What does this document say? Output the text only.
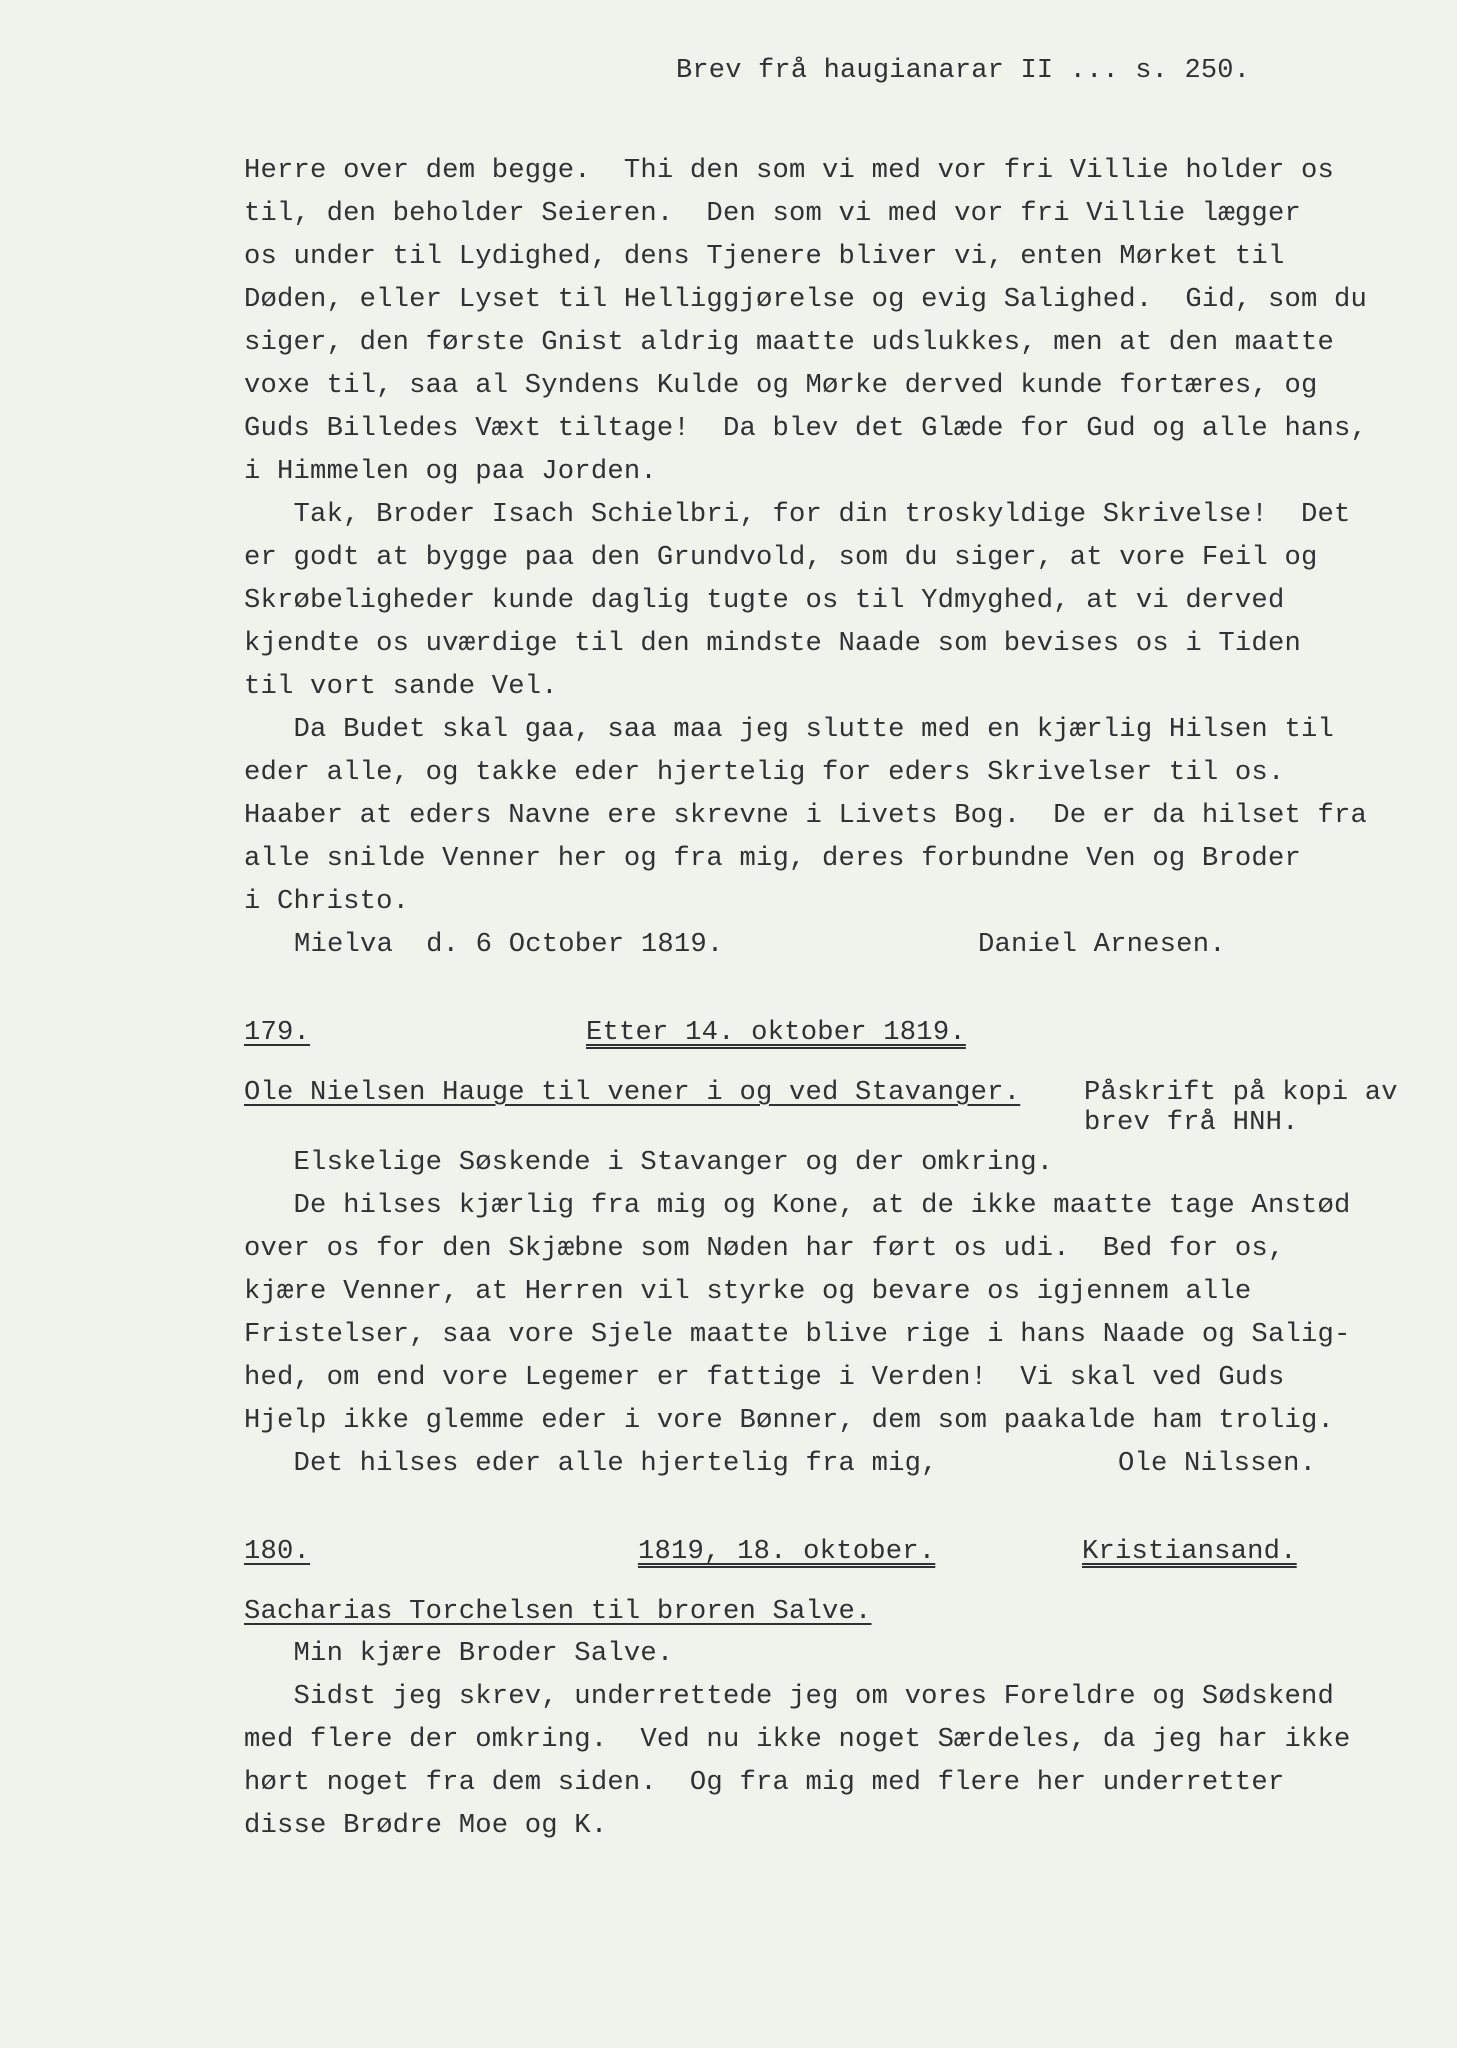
Brev frå haugianarar II ... s. 250.
Herre over dem begge.  Thi den som vi med vor fri Villie holder os
til, den beholder Seieren.  Den som vi med vor fri Villie lægger
os under til Lydighed, dens Tjenere bliver vi, enten Mørket til
Døden, eller Lyset til Helliggjørelse og evig Salighed.  Gid, som du
siger, den første Gnist aldrig maatte udslukkes, men at den maatte
voxe til, saa al Syndens Kulde og Mørke derved kunde fortæres, og
Guds Billedes Væxt tiltage!  Da blev det Glæde for Gud og alle hans,
i Himmelen og paa Jorden.
Tak, Broder Isach Schielbri, for din troskyldige Skrivelse!  Det
er godt at bygge paa den Grundvold, som du siger, at vore Feil og
Skrøbeligheder kunde daglig tugte os til Ydmyghed, at vi derved
kjendte os uværdige til den mindste Naade som bevises os i Tiden
til vort sande Vel.
Da Budet skal gaa, saa maa jeg slutte med en kjærlig Hilsen til
eder alle, og takke eder hjertelig for eders Skrivelser til os.
Haaber at eders Navne ere skrevne i Livets Bog.  De er da hilset fra
alle snilde Venner her og fra mig, deres forbundne Ven og Broder
i Christo.
Mielva  d. 6 October 1819.	Daniel Arnesen.
179.	Etter 14. oktober 1819.
Ole Nielsen Hauge til vener i og ved Stavanger. Påskrift på kopi av
brev frå HNH.
Elskelige Søskende i Stavanger og der omkring.
De hilses kjærlig fra mig og Kone, at de ikke maatte tage Anstød
over os for den Skjæbne som Nøden har ført os udi.  Bed for os,
kjære Venner, at Herren vil styrke og bevare os igjennem alle
Fristelser, saa vore Sjele maatte blive rige i hans Naade og Salig-
hed, om end vore Legemer er fattige i Verden!  Vi skal ved Guds
Hjelp ikke glemme eder i vore Bønner, dem som paakalde ham trolig.
Det hilses eder alle hjertelig fra mig,	Ole Nilssen.
180.	1819, 18. oktober.	Kristiansand.
Sacharias Torchelsen til broren Salve.
Min kjære Broder Salve.
Sidst jeg skrev, underrettede jeg om vores Foreldre og Sødskend
med flere der omkring.  Ved nu ikke noget Særdeles, da jeg har ikke
hørt noget fra dem siden.  Og fra mig med flere her underretter
disse Brødre Moe og K.
